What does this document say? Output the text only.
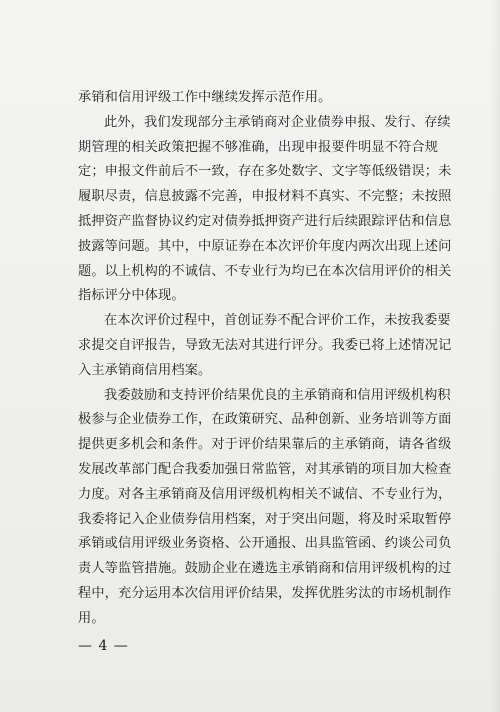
承销和信用评级工作中继续发挥示范作用。
此外，我们发现部分主承销商对企业债券申报、发行、存续
期管理的相关政策把握不够准确，出现申报要件明显不符合规
定；申报文件前后不一致，存在多处数字、文字等低级错误；未
履职尽责，信息披露不完善，申报材料不真实、不完整；未按照
抵押资产监督协议约定对债券抵押资产进行后续跟踪评估和信息
披露等问题。其中，中原证券在本次评价年度内两次出现上述问
题。以上机构的不诚信、不专业行为均已在本次信用评价的相关
指标评分中体现。
在本次评价过程中，首创证券不配合评价工作，未按我委要
求提交自评报告，导致无法对其进行评分。我委已将上述情况记
入主承销商信用档案。
我委鼓励和支持评价结果优良的主承销商和信用评级机构积
极参与企业债券工作，在政策研究、品种创新、业务培训等方面
提供更多机会和条件。对于评价结果靠后的主承销商，请各省级
发展改革部门配合我委加强日常监管，对其承销的项目加大检查
力度。对各主承销商及信用评级机构相关不诚信、不专业行为，
我委将记入企业债券信用档案，对于突出问题，将及时采取暂停
承销或信用评级业务资格、公开通报、出具监管函、约谈公司负
责人等监管措施。鼓励企业在遴选主承销商和信用评级机构的过
程中，充分运用本次信用评价结果，发挥优胜劣汰的市场机制作
用。
— 4 —
